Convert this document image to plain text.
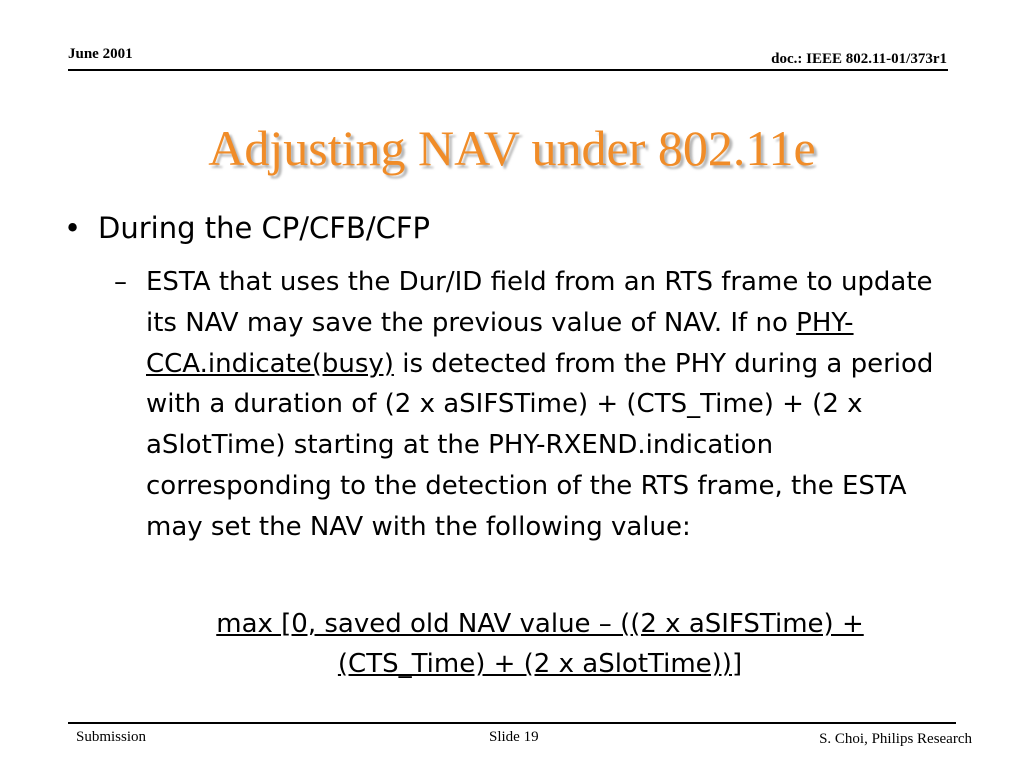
June 2001	doc.: IEEE 802.11-01/373r1
Adjusting NAV under 802.11e
• During the CP/CFB/CFP
– ESTA that uses the Dur/ID field from an RTS frame to update its NAV may save the previous value of NAV. If no PHY-CCA.indicate(busy) is detected from the PHY during a period with a duration of (2 x aSIFSTime) + (CTS_Time) + (2 x aSlotTime) starting at the PHY-RXEND.indication corresponding to the detection of the RTS frame, the ESTA may set the NAV with the following value:
max [0, saved old NAV value – ((2 x aSIFSTime) + (CTS_Time) + (2 x aSlotTime))]
Submission	Slide 19	S. Choi, Philips Research
